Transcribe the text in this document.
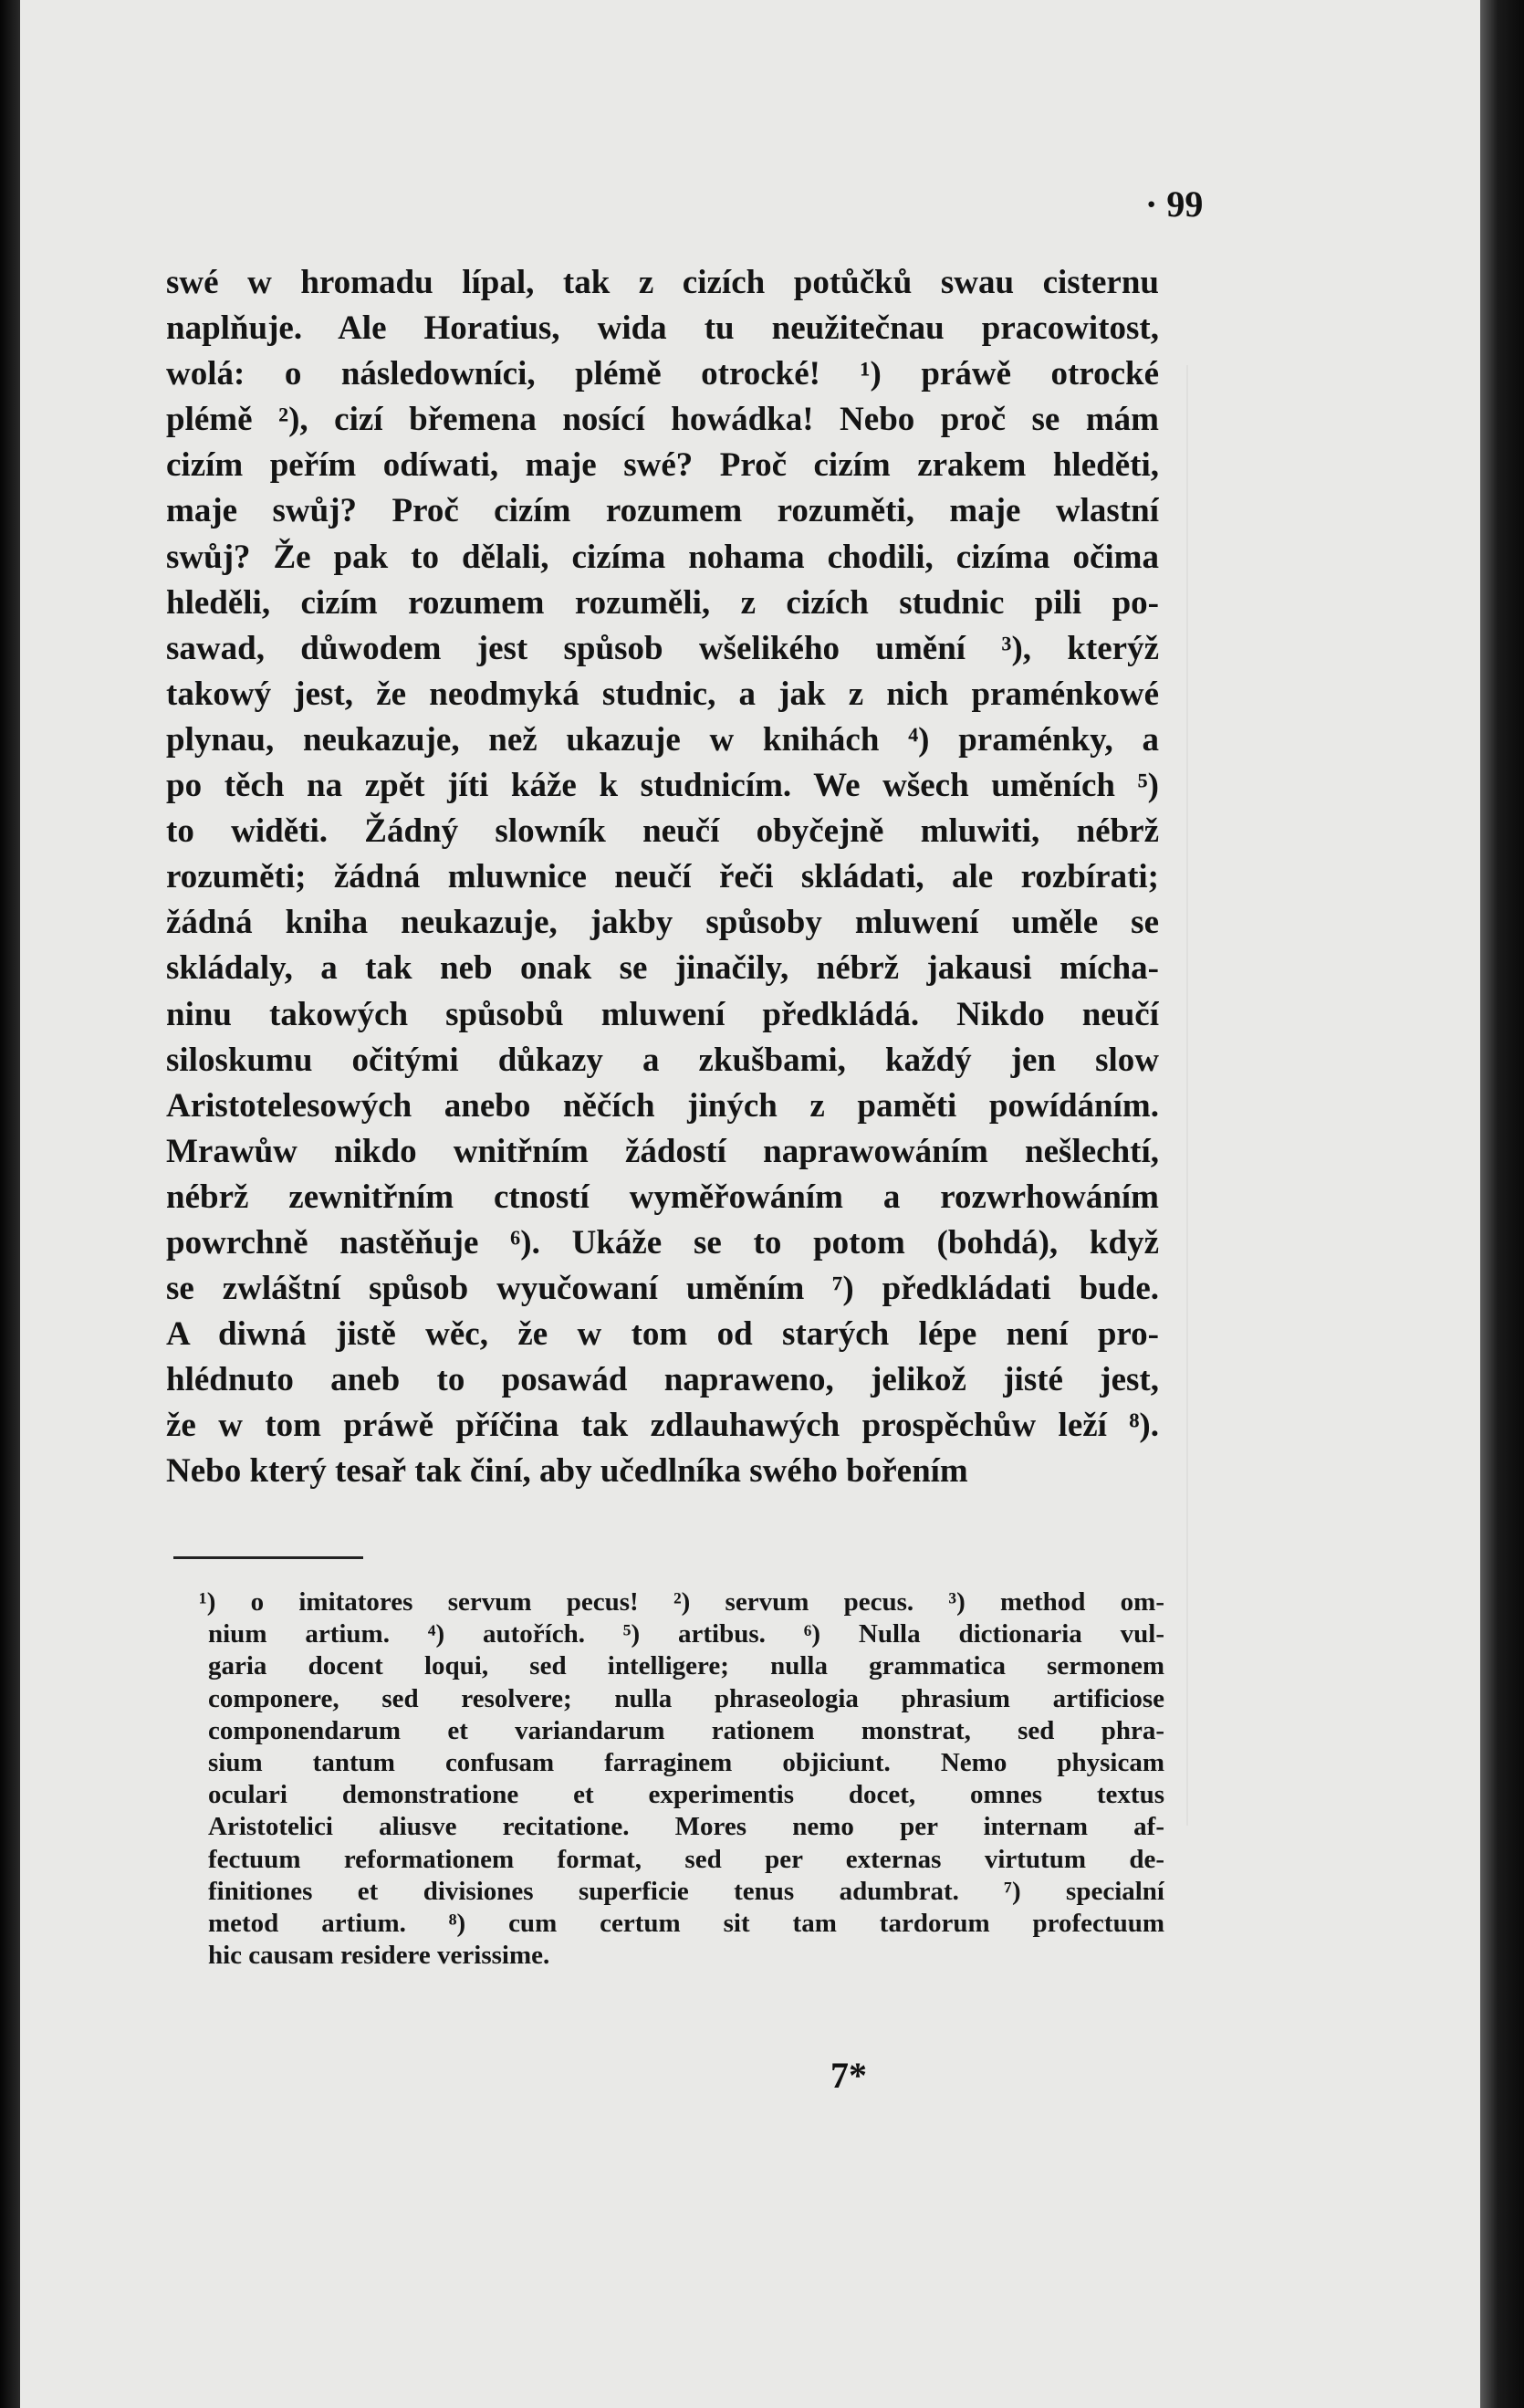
· 99
swé w hromadu lípal, tak z cizích potůčků swau cisternu
naplňuje. Ale Horatius, wida tu neužitečnau pracowitost,
wolá: o následowníci, plémě otrocké! ¹) práwě otrocké
plémě ²), cizí břemena nosící howádka! Nebo proč se mám
cizím peřím odíwati, maje swé? Proč cizím zrakem hleděti,
maje swůj? Proč cizím rozumem rozuměti, maje wlastní
swůj? Že pak to dělali, cizíma nohama chodili, cizíma očima
hleděli, cizím rozumem rozuměli, z cizích studnic pili po-
sawad, důwodem jest spůsob wšelikého umění ³), kterýž
takowý jest, že neodmyká studnic, a jak z nich praménkowé
plynau, neukazuje, než ukazuje w knihách ⁴) praménky, a
po těch na zpět jíti káže k studnicím. We wšech uměních ⁵)
to widěti. Žádný slowník neučí obyčejně mluwiti, nébrž
rozuměti; žádná mluwnice neučí řeči skládati, ale rozbírati;
žádná kniha neukazuje, jakby spůsoby mluwení uměle se
skládaly, a tak neb onak se jinačily, nébrž jakausi mícha-
ninu takowých spůsobů mluwení předkládá. Nikdo neučí
siloskumu očitými důkazy a zkušbami, každý jen slow
Aristotelesowých anebo něčích jiných z paměti powídáním.
Mrawůw nikdo wnitřním žádostí naprawowáním nešlechtí,
nébrž zewnitřním ctností wyměřowáním a rozwrhowáním
powrchně nastěňuje ⁶). Ukáže se to potom (bohdá), když
se zwláštní spůsob wyučowaní uměním ⁷) předkládati bude.
A diwná jistě wěc, že w tom od starých lépe není pro-
hlédnuto aneb to posawád naprawenо, jelikož jisté jest,
že w tom práwě příčina tak zdlauhawých prospěchůw leží ⁸).
Nebo který tesař tak činí, aby učedlníka swého bořením
¹) o imitatores servum pecus! ²) servum pecus. ³) method om-
nium artium. ⁴) autořích. ⁵) artibus. ⁶) Nulla dictionaria vul-
garia docent loqui, sed intelligere; nulla grammatica sermonem
componere, sed resolvere; nulla phraseologia phrasium artificiose
componendarum et variandarum rationem monstrat, sed phra-
sium tantum confusam farraginem objiciunt. Nemo physicam
oculari demonstratione et experimentis docet, omnes textus
Aristotelici aliusve recitatione. Mores nemo per internam af-
fectuum reformationem format, sed per externas virtutum de-
finitiones et divisiones superficie tenus adumbrat. ⁷) specialní
metod artium. ⁸) cum certum sit tam tardorum profectuum
hic causam residere verissime.
7*
